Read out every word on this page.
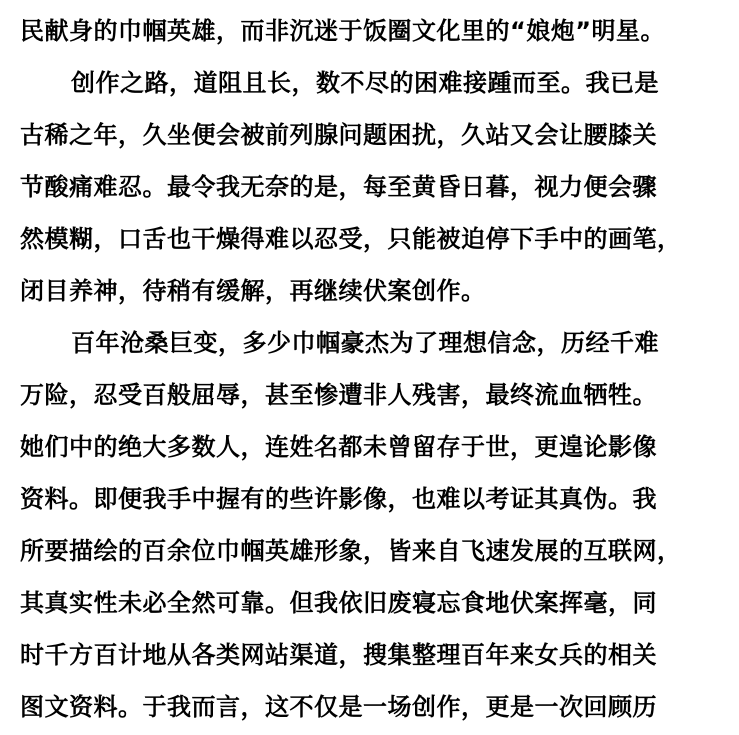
民献身的巾帼英雄，而非沉迷于饭圈文化里的“娘炮”明星。
创作之路，道阻且长，数不尽的困难接踵而至。我已是
古稀之年，久坐便会被前列腺问题困扰，久站又会让腰膝关
节酸痛难忍。最令我无奈的是，每至黄昏日暮，视力便会骤
然模糊，口舌也干燥得难以忍受，只能被迫停下手中的画笔，
闭目养神，待稍有缓解，再继续伏案创作。
百年沧桑巨变，多少巾帼豪杰为了理想信念，历经千难
万险，忍受百般屈辱，甚至惨遭非人残害，最终流血牺牲。
她们中的绝大多数人，连姓名都未曾留存于世，更遑论影像
资料。即便我手中握有的些许影像，也难以考证其真伪。我
所要描绘的百余位巾帼英雄形象，皆来自飞速发展的互联网，
其真实性未必全然可靠。但我依旧废寝忘食地伏案挥毫，同
时千方百计地从各类网站渠道，搜集整理百年来女兵的相关
图文资料。于我而言，这不仅是一场创作，更是一次回顾历
